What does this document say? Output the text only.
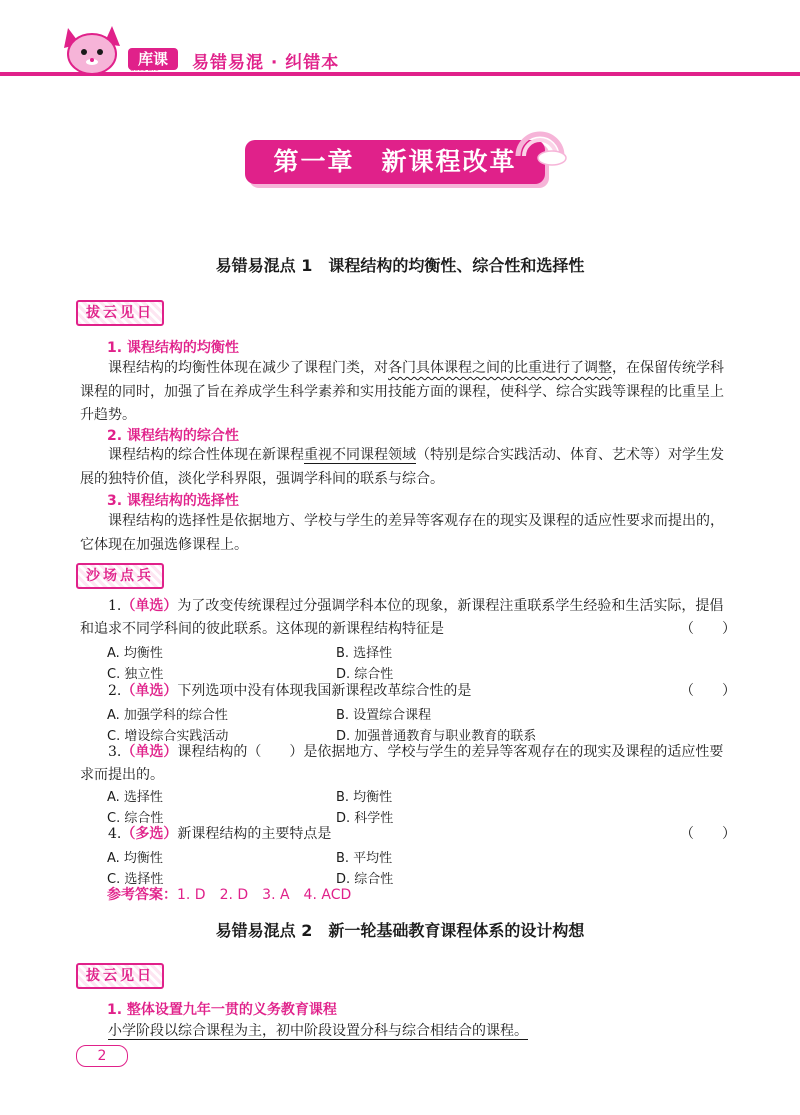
库课
Good Life 易错易混 · 纠错本
第一章　新课程改革
易错易混点 1　课程结构的均衡性、综合性和选择性
拔云见日
1. 课程结构的均衡性
课程结构的均衡性体现在减少了课程门类，对各门具体课程之间的比重进行了调整，在保留传统学科课程的同时，加强了旨在养成学生科学素养和实用技能方面的课程，使科学、综合实践等课程的比重呈上升趋势。
2. 课程结构的综合性
课程结构的综合性体现在新课程重视不同课程领域（特别是综合实践活动、体育、艺术等）对学生发展的独特价值，淡化学科界限，强调学科间的联系与综合。
3. 课程结构的选择性
课程结构的选择性是依据地方、学校与学生的差异等客观存在的现实及课程的适应性要求而提出的，它体现在加强选修课程上。
沙场点兵
1.（单选）为了改变传统课程过分强调学科本位的现象，新课程注重联系学生经验和生活实际，提倡和追求不同学科间的彼此联系。这体现的新课程结构特征是	（　　）
A. 均衡性	B. 选择性
C. 独立性	D. 综合性
2.（单选）下列选项中没有体现我国新课程改革综合性的是	（　　）
A. 加强学科的综合性	B. 设置综合课程
C. 增设综合实践活动	D. 加强普通教育与职业教育的联系
3.（单选）课程结构的（　　）是依据地方、学校与学生的差异等客观存在的现实及课程的适应性要求而提出的。
A. 选择性	B. 均衡性
C. 综合性	D. 科学性
4.（多选）新课程结构的主要特点是	（　　）
A. 均衡性	B. 平均性
C. 选择性	D. 综合性
参考答案：1. D　2. D　3. A　4. ACD
易错易混点 2　新一轮基础教育课程体系的设计构想
拔云见日
1. 整体设置九年一贯的义务教育课程
小学阶段以综合课程为主，初中阶段设置分科与综合相结合的课程。
2
